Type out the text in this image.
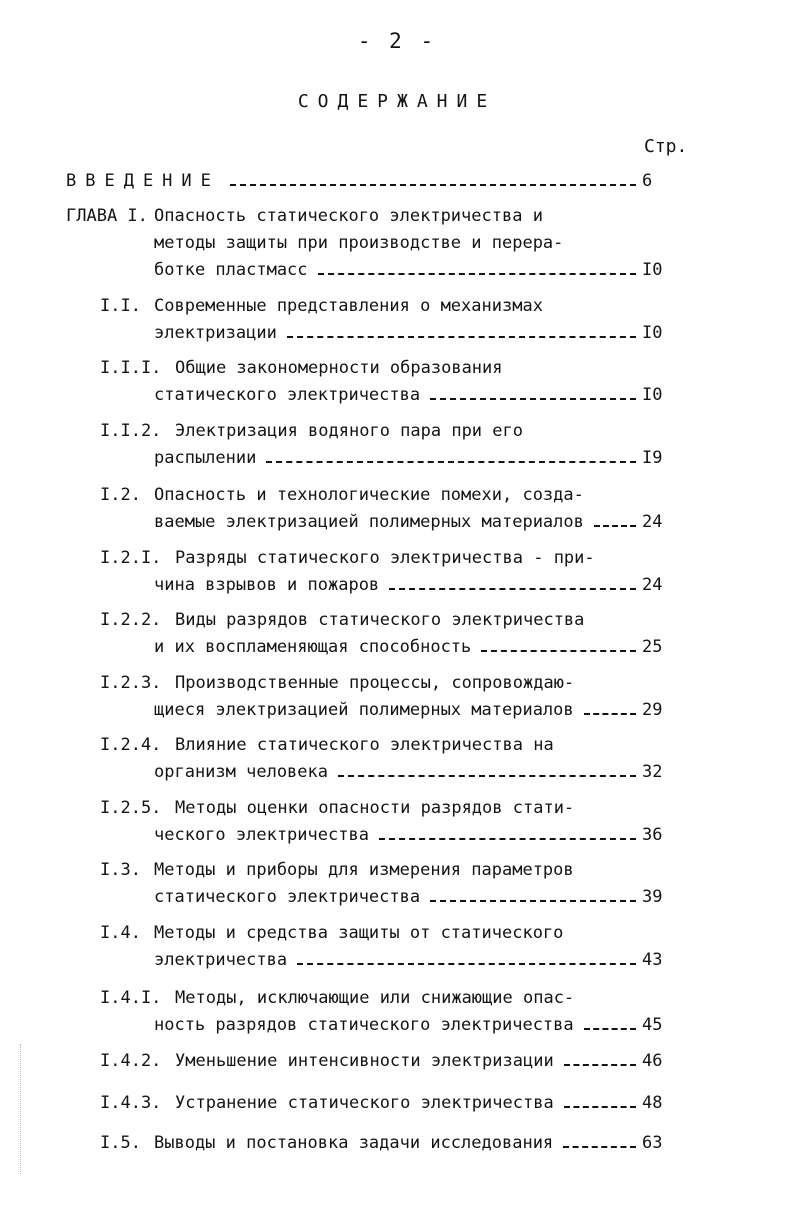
- 2 -
СОДЕРЖАНИЕ
Стр.
ВВЕДЕНИЕ	6
ГЛАВА I. Опасность статического электричества и
методы защиты при производстве и перера-
ботке пластмасс	I0
I.I. Современные представления о механизмах
электризации	I0
I.I.I. Общие закономерности образования
статического электричества	I0
I.I.2. Электризация водяного пара при его
распылении	I9
I.2. Опасность и технологические помехи, созда-
ваемые электризацией полимерных материалов	24
I.2.I. Разряды статического электричества - при-
чина взрывов и пожаров	24
I.2.2. Виды разрядов статического электричества
и их воспламеняющая способность	25
I.2.3. Производственные процессы, сопровождаю-
щиеся электризацией полимерных материалов	29
I.2.4. Влияние статического электричества на
организм человека	32
I.2.5. Методы оценки опасности разрядов стати-
ческого электричества	36
I.3. Методы и приборы для измерения параметров
статического электричества	39
I.4. Методы и средства защиты от статического
электричества	43
I.4.I. Методы, исключающие или снижающие опас-
ность разрядов статического электричества	45
I.4.2. Уменьшение интенсивности электризации	46
I.4.3. Устранение статического электричества	48
I.5. Выводы и постановка задачи исследования	63
